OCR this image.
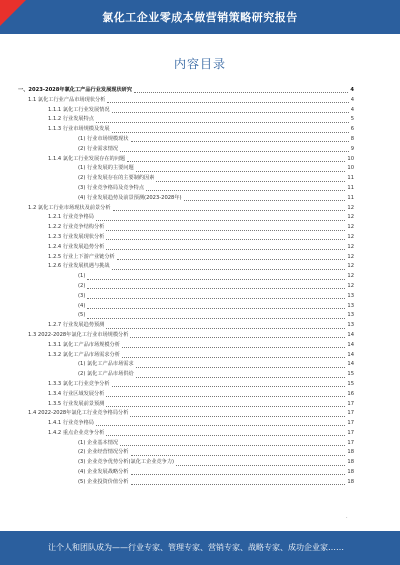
氯化工企业零成本做营销策略研究报告
内容目录
一、2023-2028年氯化工产品行业发展现状研究	4
1.1 氯化工行业产品市场现状分析	4
1.1.1 氯化工行业发展情况	4
1.1.2 行业发展特点	5
1.1.3 行业市场规模及发展	6
(1) 行业市场规模现状	8
(2) 行业需求情况	9
1.1.4 氯化工行业发展存在的问题	10
(1) 行业发展的主要问题	10
(2) 行业发展存在的主要制约因素	11
(3) 行业竞争格局及竞争特点	11
(4) 行业发展趋势及前景预测(2023-2028年)	11
1.2 氯化工行业市场现状及前景分析	12
1.2.1 行业竞争格局	12
1.2.2 行业竞争结构分析	12
1.2.3 行业发展现状分析	12
1.2.4 行业发展趋势分析	12
1.2.5 行业上下游产业链分析	12
1.2.6 行业发展机遇与挑战	12
(1)	12
(2)	12
(3)	13
(4)	13
(5)	13
1.2.7 行业发展趋势预测	13
1.3 2022-2028年氯化工行业市场规模分析	14
1.3.1 氯化工产品市场规模分析	14
1.3.2 氯化工产品市场需求分析	14
(1) 氯化工产品市场需求	14
(2) 氯化工产品市场供给	15
1.3.3 氯化工行业竞争分析	15
1.3.4 行业区域发展分析	16
1.3.5 行业发展前景预测	17
1.4 2022-2028年氯化工行业竞争格局分析	17
1.4.1 行业竞争格局	17
1.4.2 重点企业竞争分析	17
(1) 企业基本情况	17
(2) 企业经营情况分析	18
(3) 企业竞争优势分析(氯化工企业竞争力)	18
(4) 企业发展战略分析	18
(5) 企业投资价值分析	18
.
让个人和团队成为——行业专家、管理专家、营销专家、战略专家、成功企业家……
